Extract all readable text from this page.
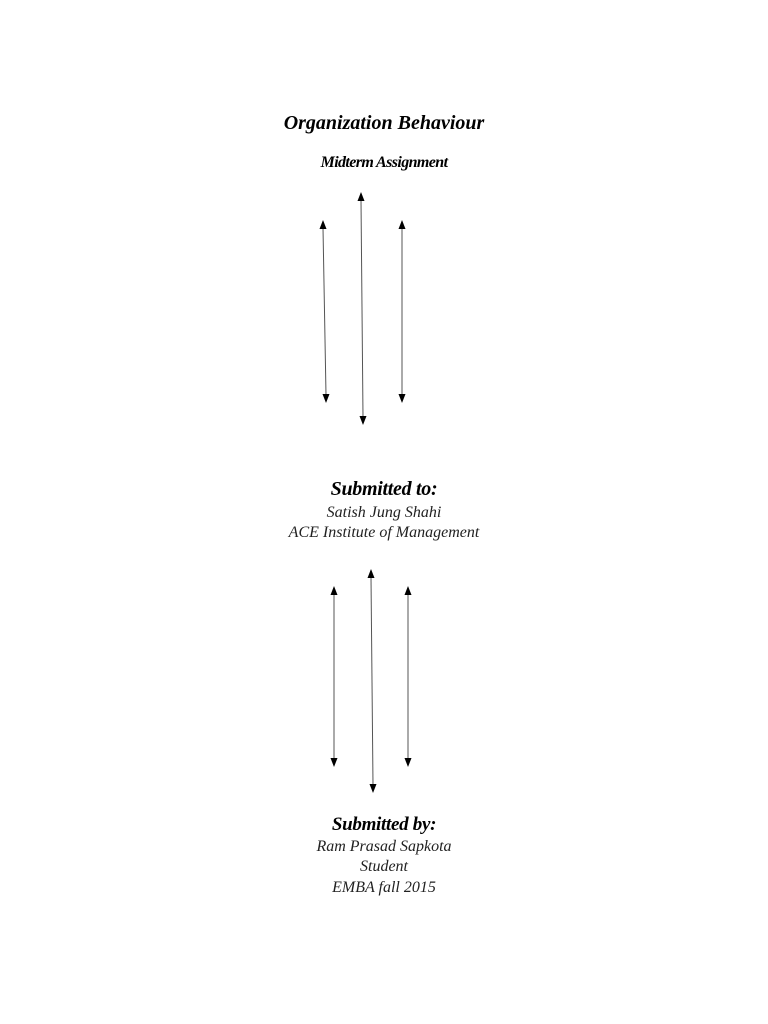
Organization Behaviour
Midterm Assignment
Submitted to:
Satish Jung Shahi
ACE Institute of Management
Submitted by:
Ram Prasad Sapkota
Student
EMBA fall 2015
